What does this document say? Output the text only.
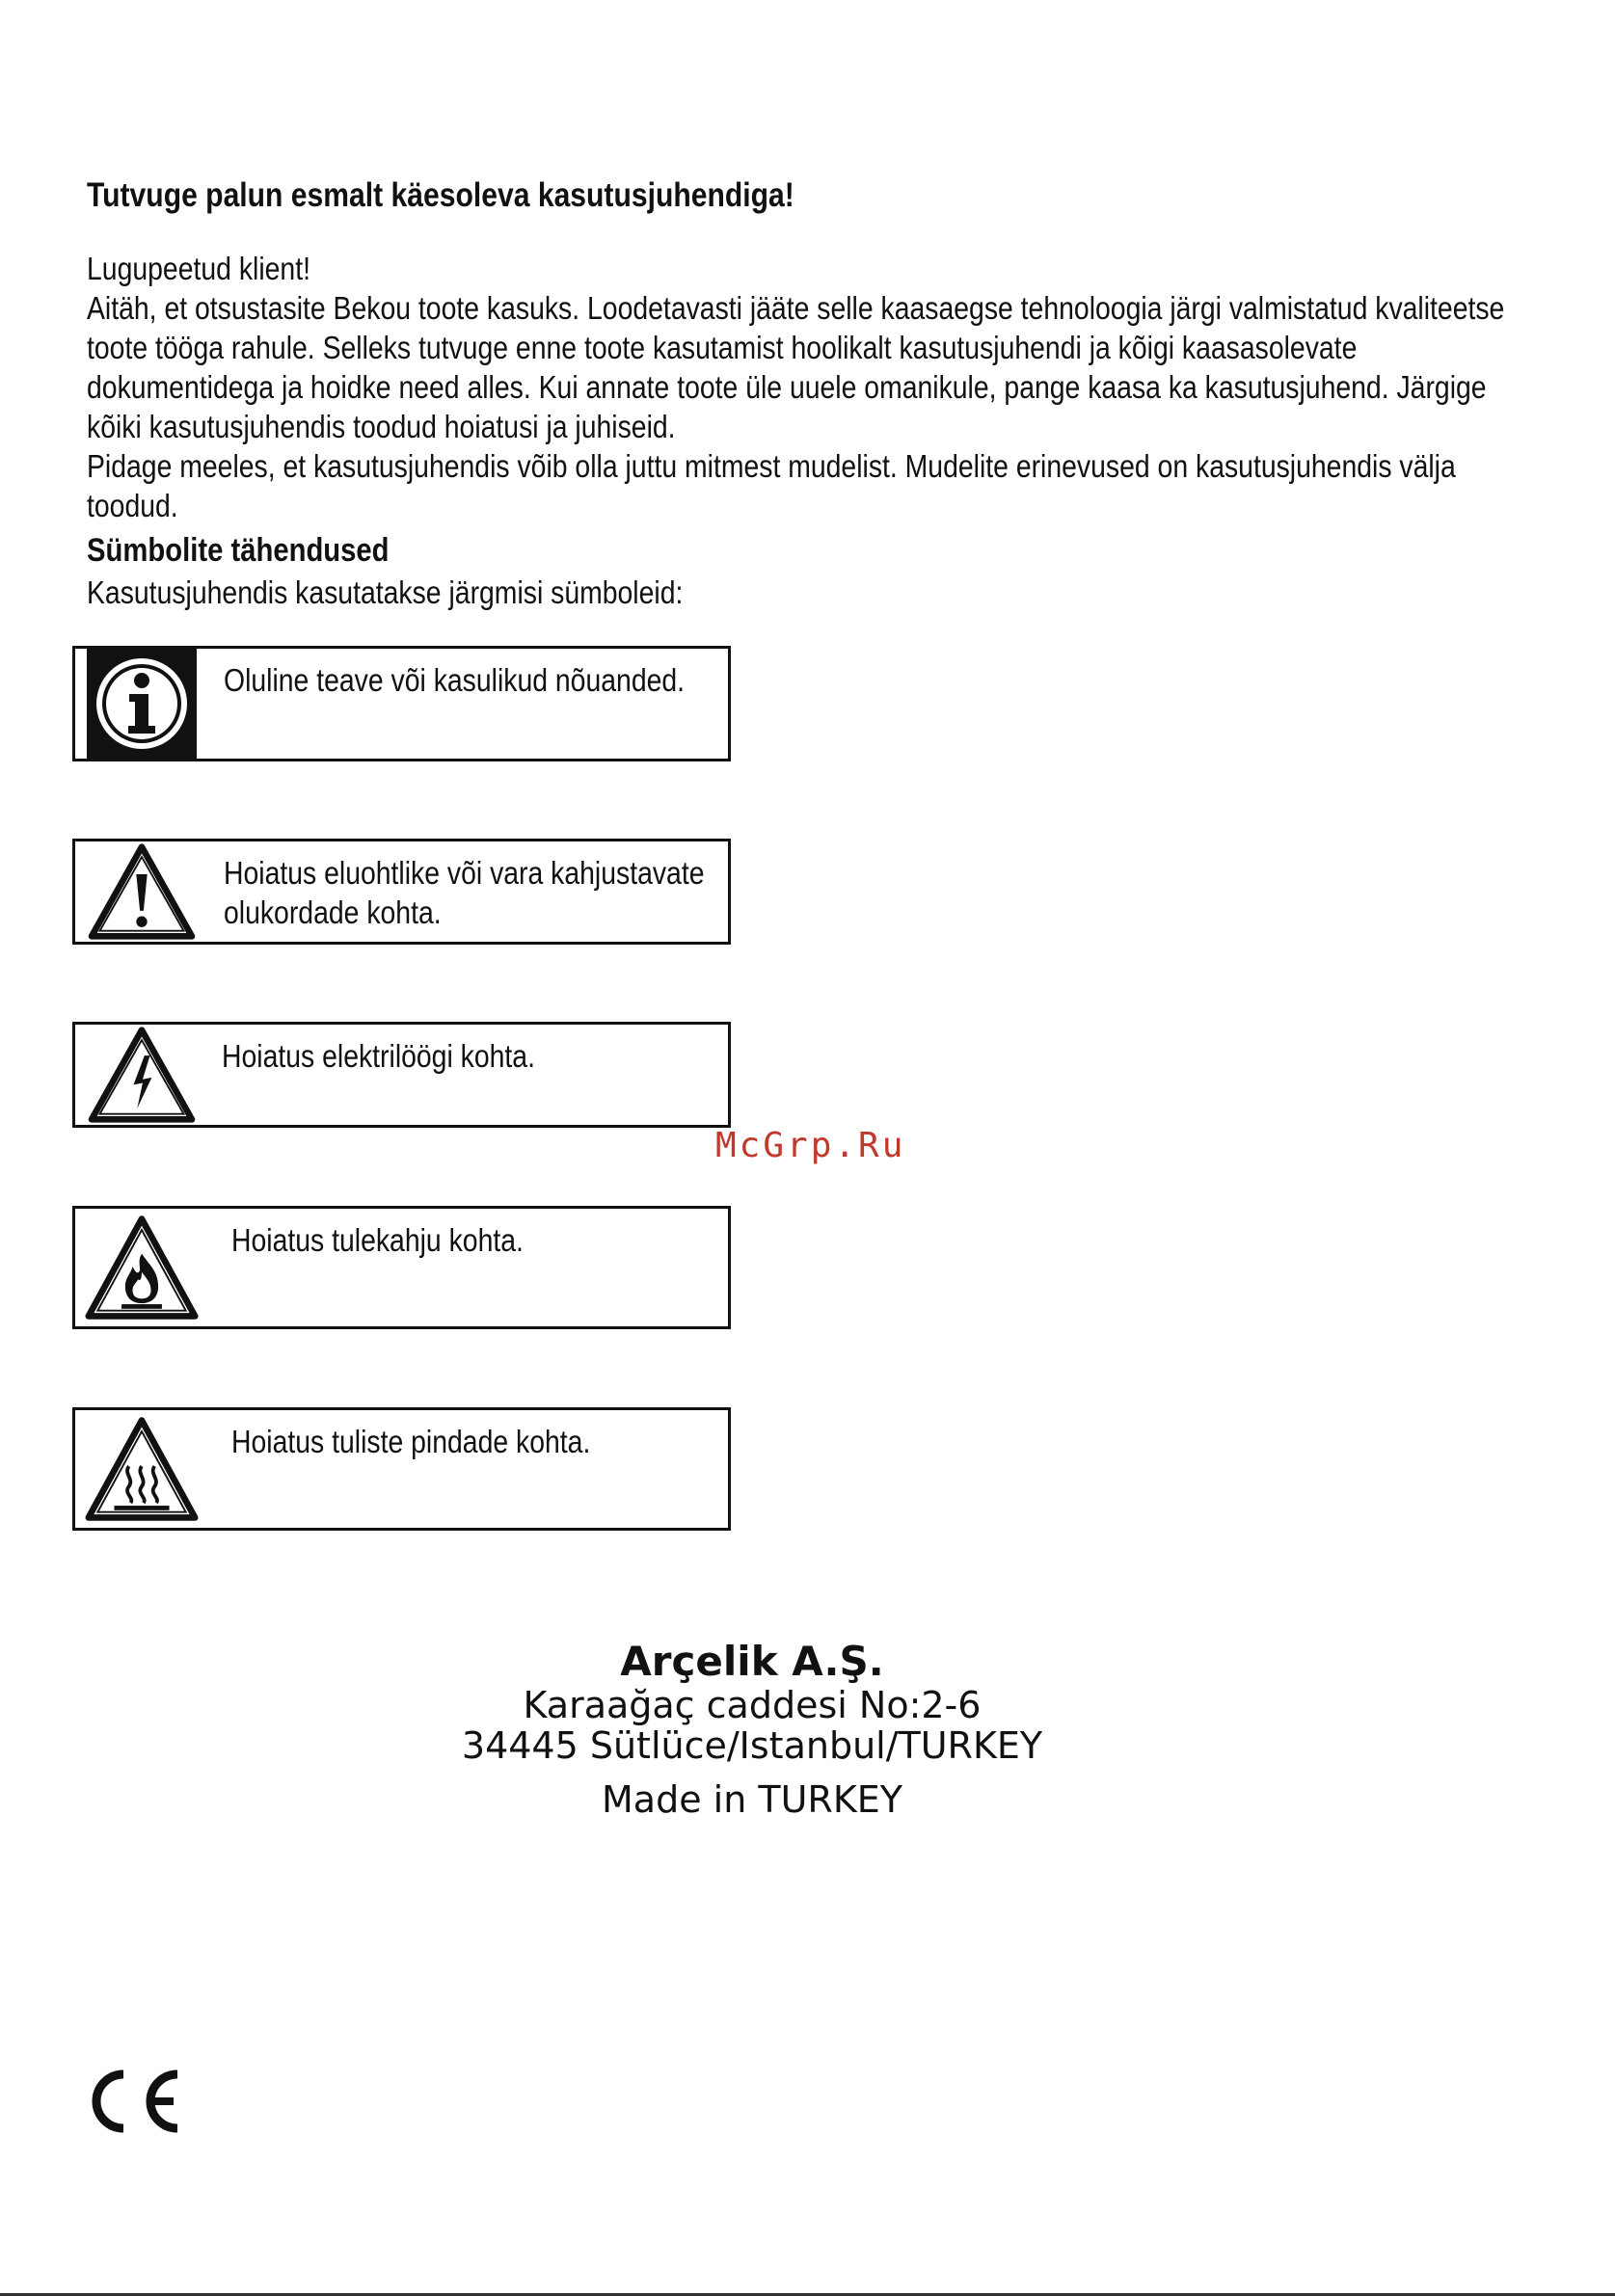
Tutvuge palun esmalt käesoleva kasutusjuhendiga!
Lugupeetud klient!
Aitäh, et otsustasite Bekou toote kasuks. Loodetavasti jääte selle kaasaegse tehnoloogia järgi valmistatud kvaliteetse
toote tööga rahule. Selleks tutvuge enne toote kasutamist hoolikalt kasutusjuhendi ja kõigi kaasasolevate
dokumentidega ja hoidke need alles. Kui annate toote üle uuele omanikule, pange kaasa ka kasutusjuhend. Järgige
kõiki kasutusjuhendis toodud hoiatusi ja juhiseid.
Pidage meeles, et kasutusjuhendis võib olla juttu mitmest mudelist. Mudelite erinevused on kasutusjuhendis välja
toodud.
Sümbolite tähendused
Kasutusjuhendis kasutatakse järgmisi sümboleid:
Oluline teave või kasulikud nõuanded.
Hoiatus eluohtlike või vara kahjustavate
olukordade kohta.
Hoiatus elektrilöögi kohta.
Hoiatus tulekahju kohta.
Hoiatus tuliste pindade kohta.
McGrp.Ru
Arçelik A.Ş.
Karaağaç caddesi No:2-6
34445 Sütlüce/Istanbul/TURKEY
Made in TURKEY
